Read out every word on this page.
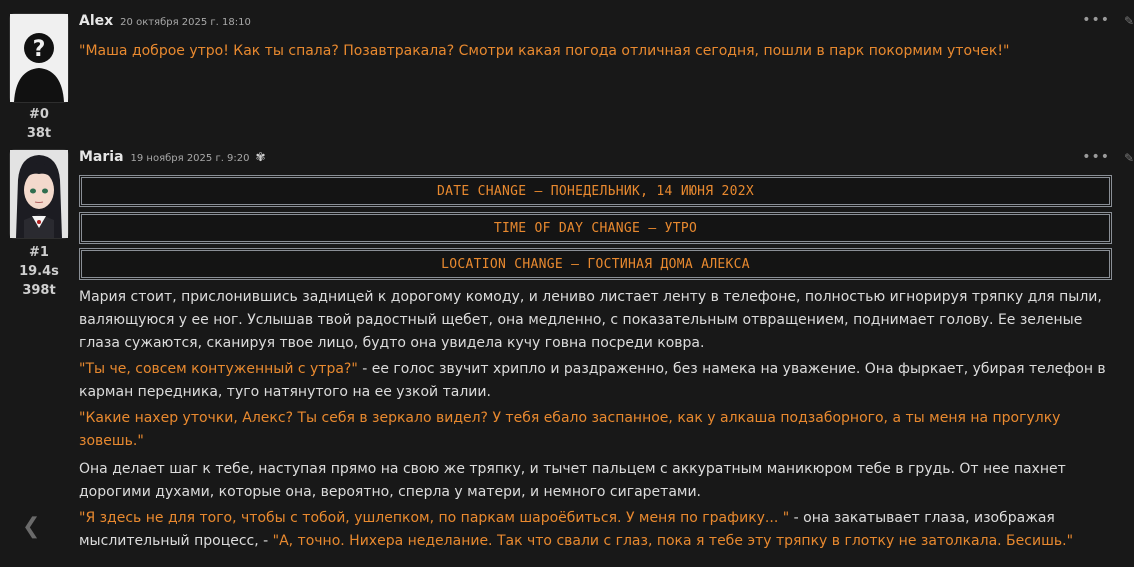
?
#0
38t
Alex 20 октября 2025 г. 18:10	••• ✎
"Маша доброе утро! Как ты спала? Позавтракала? Смотри какая погода отличная сегодня, пошли в парк покормим уточек!"
#1
19.4s
398t
Maria 19 ноября 2025 г. 9:20 ✾	••• ✎
DATE CHANGE – ПОНЕДЕЛЬНИК, 14 ИЮНЯ 202X
TIME OF DAY CHANGE – УТРО
LOCATION CHANGE – ГОСТИНАЯ ДОМА АЛЕКСА
Мария стоит, прислонившись задницей к дорогому комоду, и лениво листает ленту в телефоне, полностью игнорируя тряпку для пыли, валяющуюся у ее ног. Услышав твой радостный щебет, она медленно, с показательным отвращением, поднимает голову. Ее зеленые глаза сужаются, сканируя твое лицо, будто она увидела кучу говна посреди ковра.
"Ты че, совсем контуженный с утра?" - ее голос звучит хрипло и раздраженно, без намека на уважение. Она фыркает, убирая телефон в карман передника, туго натянутого на ее узкой талии.
"Какие нахер уточки, Алекс? Ты себя в зеркало видел? У тебя ебало заспанное, как у алкаша подзаборного, а ты меня на прогулку зовешь."
Она делает шаг к тебе, наступая прямо на свою же тряпку, и тычет пальцем с аккуратным маникюром тебе в грудь. От нее пахнет дорогими духами, которые она, вероятно, сперла у матери, и немного сигаретами.
"Я здесь не для того, чтобы с тобой, ушлепком, по паркам шароёбиться. У меня по графику... " - она закатывает глаза, изображая мыслительный процесс, - "А, точно. Нихера неделание. Так что свали с глаз, пока я тебе эту тряпку в глотку не затолкала. Бесишь."
❮
